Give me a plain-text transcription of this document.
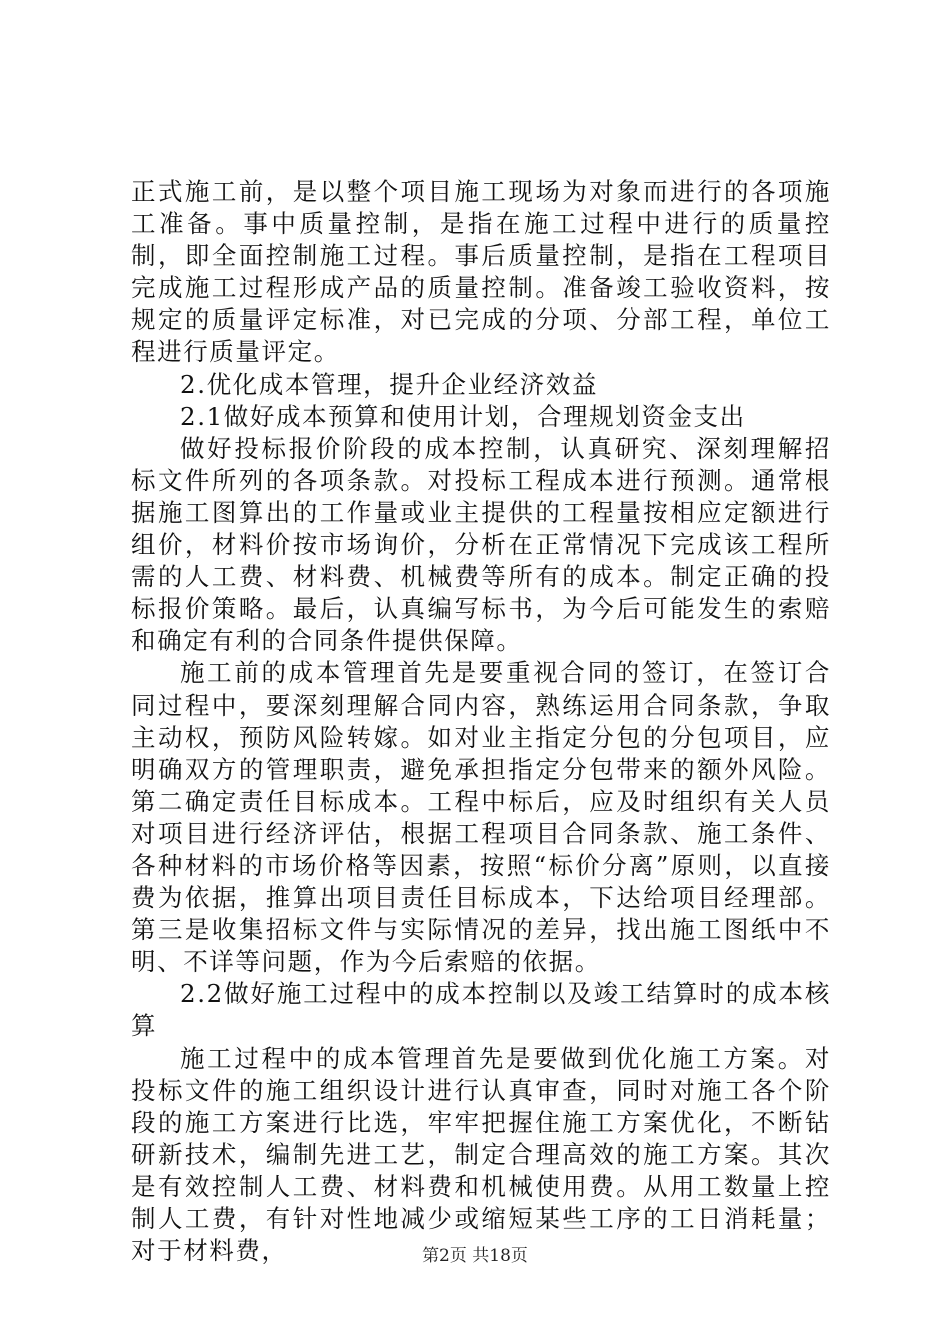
正式施工前，是以整个项目施工现场为对象而进行的各项施工准备。事中质量控制，是指在施工过程中进行的质量控制，即全面控制施工过程。事后质量控制，是指在工程项目完成施工过程形成产品的质量控制。准备竣工验收资料，按规定的质量评定标准，对已完成的分项、分部工程，单位工程进行质量评定。

2.优化成本管理，提升企业经济效益

2.1做好成本预算和使用计划，合理规划资金支出

做好投标报价阶段的成本控制，认真研究、深刻理解招标文件所列的各项条款。对投标工程成本进行预测。通常根据施工图算出的工作量或业主提供的工程量按相应定额进行组价，材料价按市场询价，分析在正常情况下完成该工程所需的人工费、材料费、机械费等所有的成本。制定正确的投标报价策略。最后，认真编写标书，为今后可能发生的索赔和确定有利的合同条件提供保障。

施工前的成本管理首先是要重视合同的签订，在签订合同过程中，要深刻理解合同内容，熟练运用合同条款，争取主动权，预防风险转嫁。如对业主指定分包的分包项目，应明确双方的管理职责，避免承担指定分包带来的额外风险。第二确定责任目标成本。工程中标后，应及时组织有关人员对项目进行经济评估，根据工程项目合同条款、施工条件、各种材料的市场价格等因素，按照“标价分离”原则，以直接费为依据，推算出项目责任目标成本，下达给项目经理部。第三是收集招标文件与实际情况的差异，找出施工图纸中不明、不详等问题，作为今后索赔的依据。

2.2做好施工过程中的成本控制以及竣工结算时的成本核算

施工过程中的成本管理首先是要做到优化施工方案。对投标文件的施工组织设计进行认真审查，同时对施工各个阶段的施工方案进行比选，牢牢把握住施工方案优化，不断钻研新技术，编制先进工艺，制定合理高效的施工方案。其次是有效控制人工费、材料费和机械使用费。从用工数量上控制人工费，有针对性地减少或缩短某些工序的工日消耗量；对于材料费，	第2页 共18页
